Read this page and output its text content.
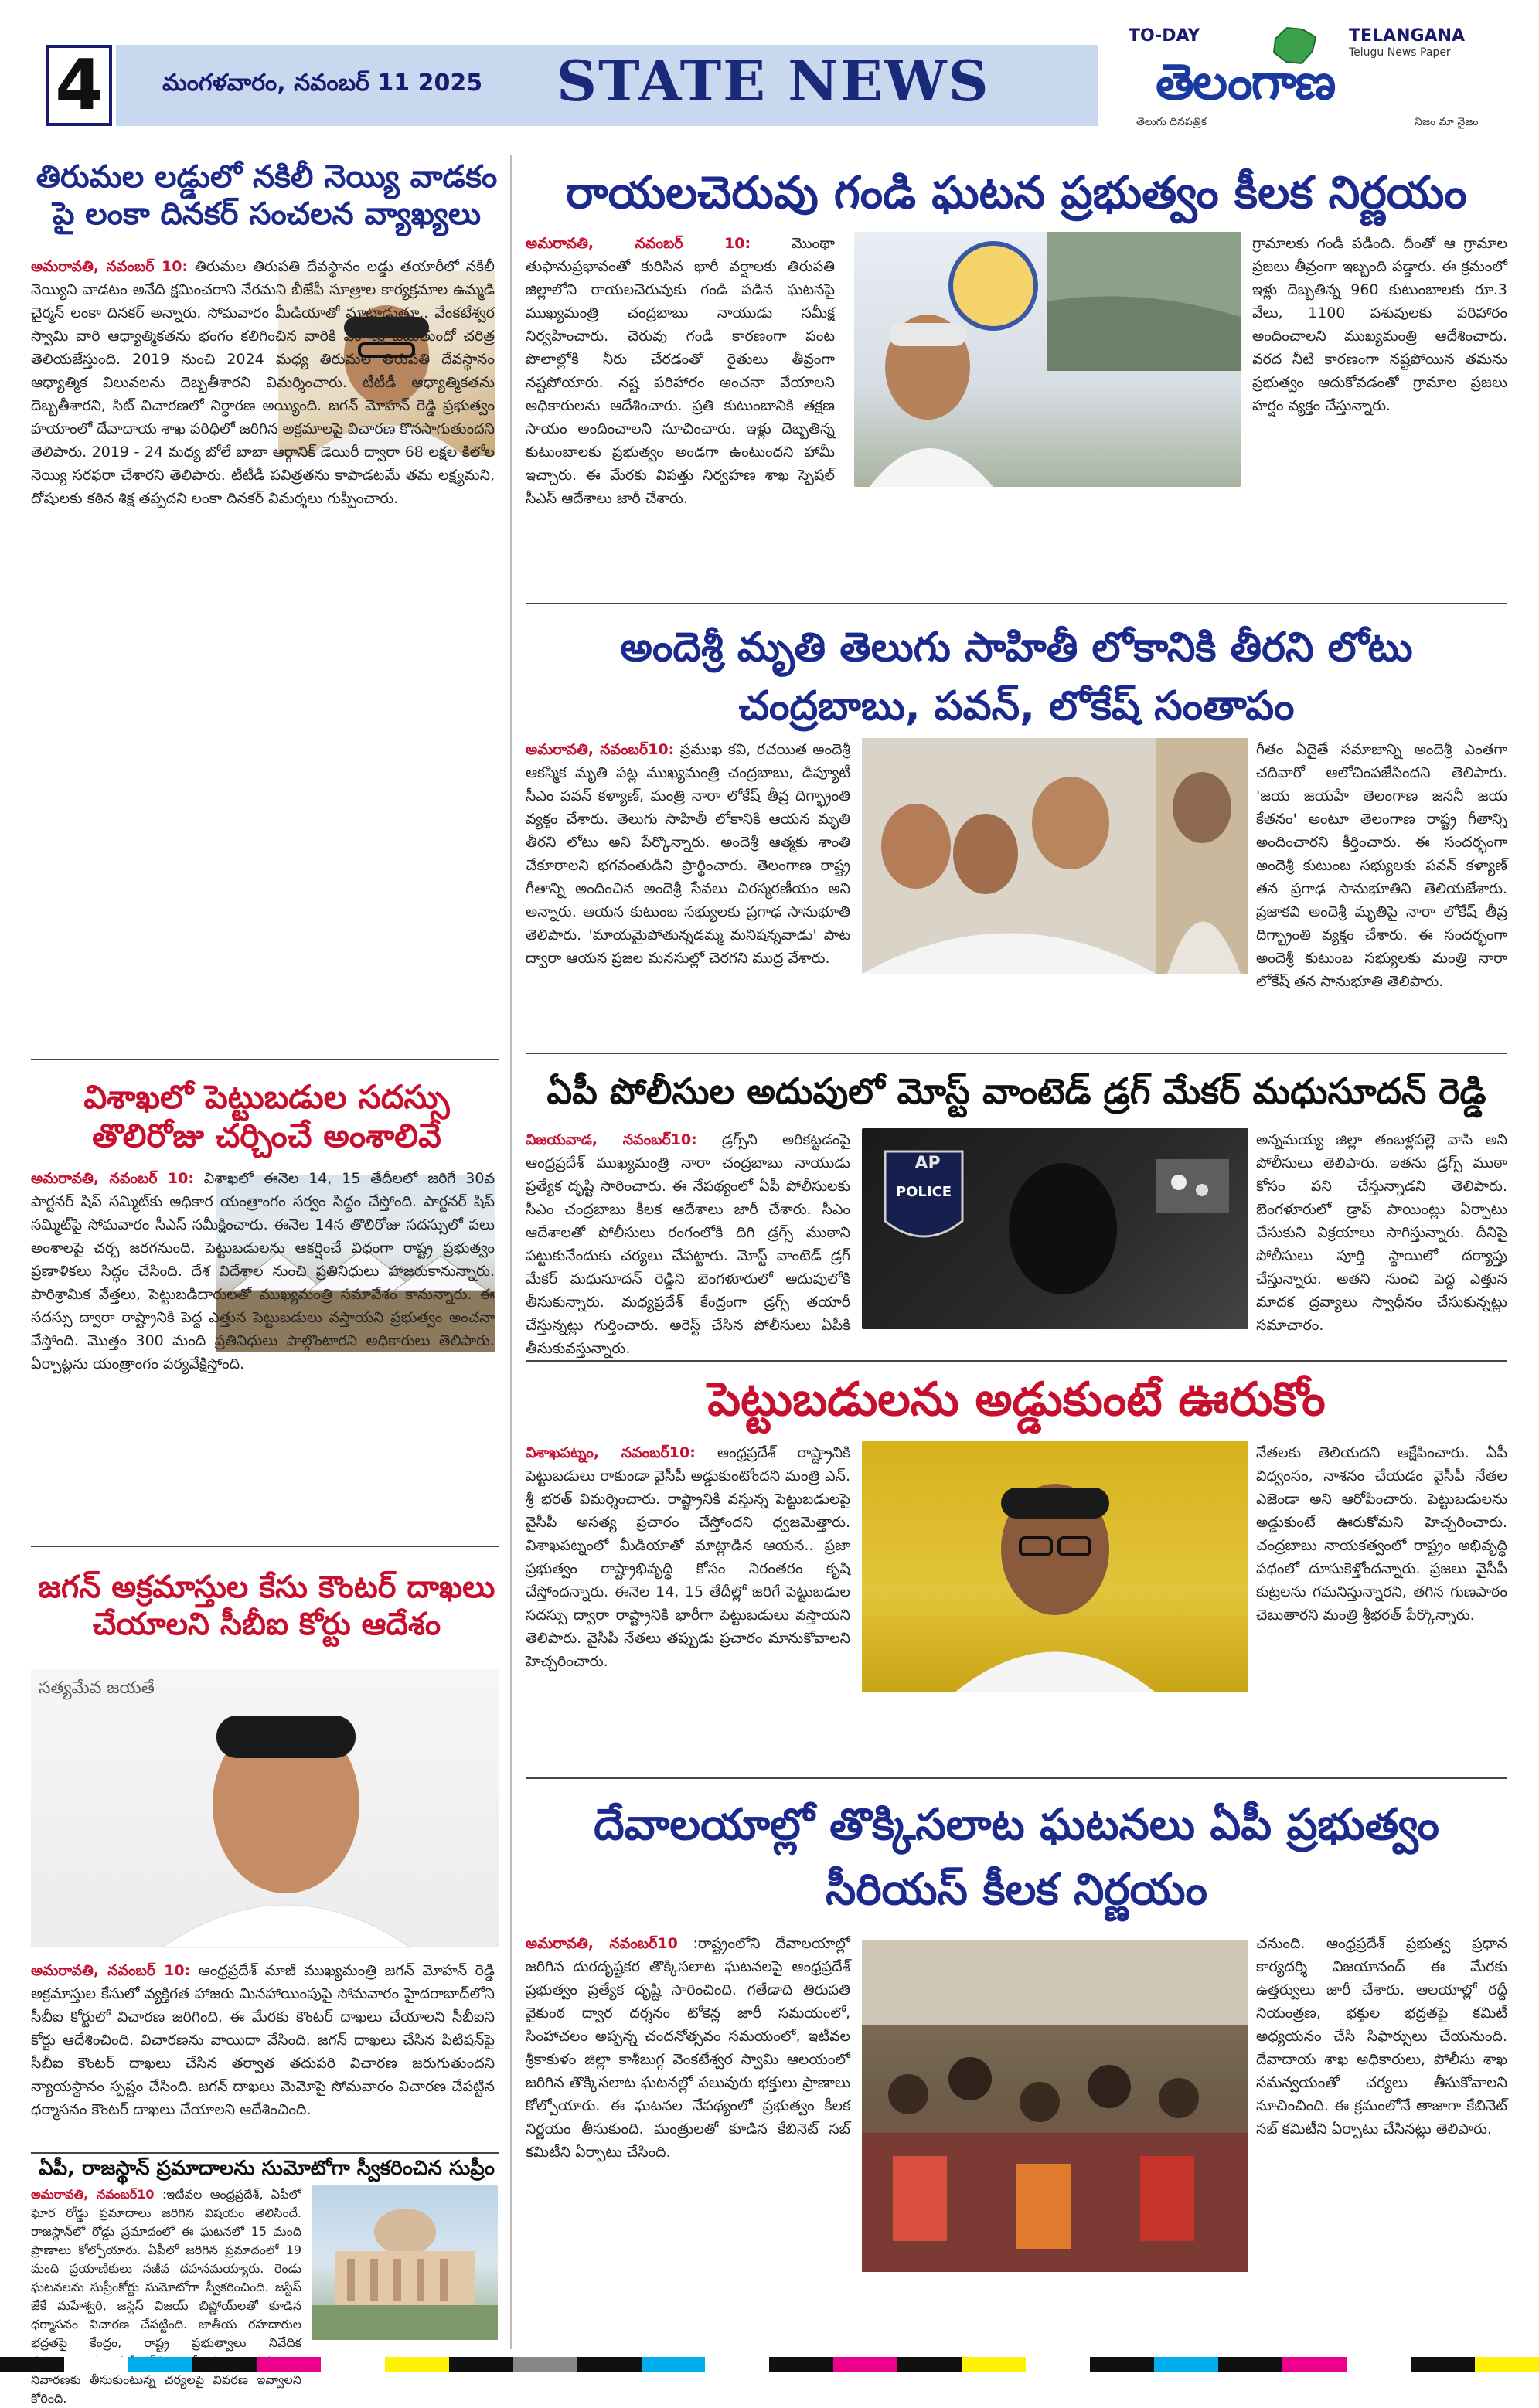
4	మంగళవారం, నవంబర్ 11 2025 STATE NEWS
TO-DAY	TELANGANA
Telugu News Paper
తెలంగాణ
తెలుగు దినపత్రిక	నిజం మా నైజం
తిరుమల లడ్డులో నకిలీ నెయ్యి వాడకం పై లంకా దినకర్ సంచలన వ్యాఖ్యలు
అమరావతి, నవంబర్ 10: తిరుమల తిరుపతి దేవస్థానం లడ్డు తయారీలో నకిలీ నెయ్యిని వాడటం అనేది క్షమించరాని నేరమని బీజేపీ సూత్రాల కార్యక్రమాల ఉమ్మడి చైర్మన్ లంకా దినకర్ అన్నారు. సోమవారం మీడియాతో మాట్లాడుతూ.. వేంకటేశ్వర స్వామి వారి ఆధ్యాత్మికతను భంగం కలిగించిన వారికి ఏం శిక్ష పడుతుందో చరిత్ర తెలియజేస్తుంది. 2019 నుంచి 2024 మధ్య తిరుమల తిరుపతి దేవస్థానం ఆధ్యాత్మిక విలువలను దెబ్బతీశారని విమర్శించారు. టీటీడీ ఆధ్యాత్మికతను దెబ్బతీశారని, సిట్ విచారణలో నిర్ధారణ అయ్యింది. జగన్ మోహన్ రెడ్డి ప్రభుత్వం హయాంలో దేవాదాయ శాఖ పరిధిలో జరిగిన అక్రమాలపై విచారణ కొనసాగుతుందని తెలిపారు. 2019 - 24 మధ్య బోలే బాబా ఆర్గానిక్ డెయిరీ ద్వారా 68 లక్షల కిలోల నెయ్యి సరఫరా చేశారని తెలిపారు. టీటీడీ పవిత్రతను కాపాడటమే తమ లక్ష్యమని, దోషులకు కఠిన శిక్ష తప్పదని లంకా దినకర్ విమర్శలు గుప్పించారు.
రాయలచెరువు గండి ఘటన ప్రభుత్వం కీలక నిర్ణయం
అమరావతి, నవంబర్ 10: మొంథా తుఫానుప్రభావంతో కురిసిన భారీ వర్షాలకు తిరుపతి జిల్లాలోని రాయలచెరువుకు గండి పడిన ఘటనపై ముఖ్యమంత్రి చంద్రబాబు నాయుడు సమీక్ష నిర్వహించారు. చెరువు గండి కారణంగా పంట పొలాల్లోకి నీరు చేరడంతో రైతులు తీవ్రంగా నష్టపోయారు. నష్ట పరిహారం అంచనా వేయాలని అధికారులను ఆదేశించారు. ప్రతి కుటుంబానికి తక్షణ సాయం అందించాలని సూచించారు. ఇళ్లు దెబ్బతిన్న కుటుంబాలకు ప్రభుత్వం అండగా ఉంటుందని హామీ ఇచ్చారు. ఈ మేరకు విపత్తు నిర్వహణ శాఖ స్పెషల్ సీఎస్ ఆదేశాలు జారీ చేశారు.
గ్రామాలకు గండి పడింది. దీంతో ఆ గ్రామాల ప్రజలు తీవ్రంగా ఇబ్బంది పడ్డారు. ఈ క్రమంలో ఇళ్లు దెబ్బతిన్న 960 కుటుంబాలకు రూ.3 వేలు, 1100 పశువులకు పరిహారం అందించాలని ముఖ్యమంత్రి ఆదేశించారు. వరద నీటి కారణంగా నష్టపోయిన తమను ప్రభుత్వం ఆదుకోవడంతో గ్రామాల ప్రజలు హర్షం వ్యక్తం చేస్తున్నారు.
విశాఖలో పెట్టుబడుల సదస్సు తొలిరోజు చర్చించే అంశాలివే
అమరావతి, నవంబర్ 10: విశాఖలో ఈనెల 14, 15 తేదీలలో జరిగే 30వ పార్టనర్ షిప్ సమ్మిట్‌కు అధికార యంత్రాంగం సర్వం సిద్ధం చేస్తోంది. పార్టనర్ షిప్ సమ్మిట్‌పై సోమవారం సీఎస్ సమీక్షించారు. ఈనెల 14న తొలిరోజు సదస్సులో పలు అంశాలపై చర్చ జరగనుంది. పెట్టుబడులను ఆకర్షించే విధంగా రాష్ట్ర ప్రభుత్వం ప్రణాళికలు సిద్ధం చేసింది. దేశ విదేశాల నుంచి ప్రతినిధులు హాజరుకానున్నారు. పారిశ్రామిక వేత్తలు, పెట్టుబడిదారులతో ముఖ్యమంత్రి సమావేశం కానున్నారు. ఈ సదస్సు ద్వారా రాష్ట్రానికి పెద్ద ఎత్తున పెట్టుబడులు వస్తాయని ప్రభుత్వం అంచనా వేస్తోంది. మొత్తం 300 మంది ప్రతినిధులు పాల్గొంటారని అధికారులు తెలిపారు. ఏర్పాట్లను యంత్రాంగం పర్యవేక్షిస్తోంది.
అందెశ్రీ మృతి తెలుగు సాహితీ లోకానికి తీరని లోటు చంద్రబాబు, పవన్, లోకేష్ సంతాపం
అమరావతి, నవంబర్10: ప్రముఖ కవి, రచయిత అందెశ్రీ ఆకస్మిక మృతి పట్ల ముఖ్యమంత్రి చంద్రబాబు, డిప్యూటీ సీఎం పవన్ కళ్యాణ్, మంత్రి నారా లోకేష్ తీవ్ర దిగ్భ్రాంతి వ్యక్తం చేశారు. తెలుగు సాహితీ లోకానికి ఆయన మృతి తీరని లోటు అని పేర్కొన్నారు. అందెశ్రీ ఆత్మకు శాంతి చేకూరాలని భగవంతుడిని ప్రార్థించారు. తెలంగాణ రాష్ట్ర గీతాన్ని అందించిన అందెశ్రీ సేవలు చిరస్మరణీయం అని అన్నారు. ఆయన కుటుంబ సభ్యులకు ప్రగాఢ సానుభూతి తెలిపారు. 'మాయమైపోతున్నడమ్మ మనిషన్నవాడు' పాట ద్వారా ఆయన ప్రజల మనసుల్లో చెరగని ముద్ర వేశారు.
గీతం ఏదైతే సమాజాన్ని అందెశ్రీ ఎంతగా చదివారో ఆలోచింపజేసిందని తెలిపారు. 'జయ జయహే తెలంగాణ జననీ జయ కేతనం' అంటూ తెలంగాణ రాష్ట్ర గీతాన్ని అందించారని కీర్తించారు. ఈ సందర్భంగా అందెశ్రీ కుటుంబ సభ్యులకు పవన్ కళ్యాణ్ తన ప్రగాఢ సానుభూతిని తెలియజేశారు. ప్రజాకవి అందెశ్రీ మృతిపై నారా లోకేష్ తీవ్ర దిగ్భ్రాంతి వ్యక్తం చేశారు. ఈ సందర్భంగా అందెశ్రీ కుటుంబ సభ్యులకు మంత్రి నారా లోకేష్ తన సానుభూతి తెలిపారు.
ఏపీ పోలీసుల అదుపులో మోస్ట్ వాంటెడ్ డ్రగ్ మేకర్ మధుసూదన్ రెడ్డి
విజయవాడ, నవంబర్10: డ్రగ్స్‌ని అరికట్టడంపై ఆంధ్రప్రదేశ్ ముఖ్యమంత్రి నారా చంద్రబాబు నాయుడు ప్రత్యేక దృష్టి సారించారు. ఈ నేపథ్యంలో ఏపీ పోలీసులకు సీఎం చంద్రబాబు కీలక ఆదేశాలు జారీ చేశారు. సీఎం ఆదేశాలతో పోలీసులు రంగంలోకి దిగి డ్రగ్స్ ముఠాని పట్టుకునేందుకు చర్యలు చేపట్టారు. మోస్ట్ వాంటెడ్ డ్రగ్ మేకర్ మధుసూదన్ రెడ్డిని బెంగళూరులో అదుపులోకి తీసుకున్నారు. మధ్యప్రదేశ్ కేంద్రంగా డ్రగ్స్ తయారీ చేస్తున్నట్లు గుర్తించారు. అరెస్ట్ చేసిన పోలీసులు ఏపీకి తీసుకువస్తున్నారు.
AP
POLICE
అన్నమయ్య జిల్లా తంబళ్లపల్లె వాసి అని పోలీసులు తెలిపారు. ఇతను డ్రగ్స్ ముఠా కోసం పని చేస్తున్నాడని తెలిపారు. బెంగళూరులో డ్రాప్ పాయింట్లు ఏర్పాటు చేసుకుని విక్రయాలు సాగిస్తున్నారు. దీనిపై పోలీసులు పూర్తి స్థాయిలో దర్యాప్తు చేస్తున్నారు. అతని నుంచి పెద్ద ఎత్తున మాదక ద్రవ్యాలు స్వాధీనం చేసుకున్నట్లు సమాచారం.
పెట్టుబడులను అడ్డుకుంటే ఊరుకోం
విశాఖపట్నం, నవంబర్10: ఆంధ్రప్రదేశ్ రాష్ట్రానికి పెట్టుబడులు రాకుండా వైసీపీ అడ్డుకుంటోందని మంత్రి ఎన్. శ్రీ భరత్ విమర్శించారు. రాష్ట్రానికి వస్తున్న పెట్టుబడులపై వైసీపీ అసత్య ప్రచారం చేస్తోందని ధ్వజమెత్తారు. విశాఖపట్నంలో మీడియాతో మాట్లాడిన ఆయన.. ప్రజా ప్రభుత్వం రాష్ట్రాభివృద్ధి కోసం నిరంతరం కృషి చేస్తోందన్నారు. ఈనెల 14, 15 తేదీల్లో జరిగే పెట్టుబడుల సదస్సు ద్వారా రాష్ట్రానికి భారీగా పెట్టుబడులు వస్తాయని తెలిపారు. వైసీపీ నేతలు తప్పుడు ప్రచారం మానుకోవాలని హెచ్చరించారు.
నేతలకు తెలియదని ఆక్షేపించారు. ఏపీ విధ్వంసం, నాశనం చేయడం వైసీపీ నేతల ఎజెండా అని ఆరోపించారు. పెట్టుబడులను అడ్డుకుంటే ఊరుకోమని హెచ్చరించారు. చంద్రబాబు నాయకత్వంలో రాష్ట్రం అభివృద్ధి పథంలో దూసుకెళ్తోందన్నారు. ప్రజలు వైసీపీ కుట్రలను గమనిస్తున్నారని, తగిన గుణపాఠం చెబుతారని మంత్రి శ్రీభరత్ పేర్కొన్నారు.
జగన్ అక్రమాస్తుల కేసు కౌంటర్ దాఖలు చేయాలని సీబీఐ కోర్టు ఆదేశం
సత్యమేవ జయతే
అమరావతి, నవంబర్ 10: ఆంధ్రప్రదేశ్ మాజీ ముఖ్యమంత్రి జగన్ మోహన్ రెడ్డి అక్రమాస్తుల కేసులో వ్యక్తిగత హాజరు మినహాయింపుపై సోమవారం హైదరాబాద్‌లోని సీబీఐ కోర్టులో విచారణ జరిగింది. ఈ మేరకు కౌంటర్ దాఖలు చేయాలని సీబీఐని కోర్టు ఆదేశించింది. విచారణను వాయిదా వేసింది. జగన్ దాఖలు చేసిన పిటిషన్‌పై సీబీఐ కౌంటర్ దాఖలు చేసిన తర్వాత తదుపరి విచారణ జరుగుతుందని న్యాయస్థానం స్పష్టం చేసింది. జగన్ దాఖలు మెమోపై సోమవారం విచారణ చేపట్టిన ధర్మాసనం కౌంటర్ దాఖలు చేయాలని ఆదేశించింది.
దేవాలయాల్లో తొక్కిసలాట ఘటనలు ఏపీ ప్రభుత్వం సీరియస్ కీలక నిర్ణయం
అమరావతి, నవంబర్10 :రాష్ట్రంలోని దేవాలయాల్లో జరిగిన దురదృష్టకర తొక్కిసలాట ఘటనలపై ఆంధ్రప్రదేశ్ ప్రభుత్వం ప్రత్యేక దృష్టి సారించింది. గతేడాది తిరుపతి వైకుంఠ ద్వార దర్శనం టోకెన్ల జారీ సమయంలో, సింహాచలం అప్పన్న చందనోత్సవం సమయంలో, ఇటీవల శ్రీకాకుళం జిల్లా కాశీబుగ్గ వెంకటేశ్వర స్వామి ఆలయంలో జరిగిన తొక్కిసలాట ఘటనల్లో పలువురు భక్తులు ప్రాణాలు కోల్పోయారు. ఈ ఘటనల నేపథ్యంలో ప్రభుత్వం కీలక నిర్ణయం తీసుకుంది. మంత్రులతో కూడిన కేబినెట్ సబ్ కమిటీని ఏర్పాటు చేసింది.
చనుంది. ఆంధ్రప్రదేశ్ ప్రభుత్వ ప్రధాన కార్యదర్శి విజయానంద్ ఈ మేరకు ఉత్తర్వులు జారీ చేశారు. ఆలయాల్లో రద్దీ నియంత్రణ, భక్తుల భద్రతపై కమిటీ అధ్యయనం చేసి సిఫార్సులు చేయనుంది. దేవాదాయ శాఖ అధికారులు, పోలీసు శాఖ సమన్వయంతో చర్యలు తీసుకోవాలని సూచించింది. ఈ క్రమంలోనే తాజాగా కేబినెట్ సబ్ కమిటీని ఏర్పాటు చేసినట్లు తెలిపారు.
ఏపీ, రాజస్థాన్ ప్రమాదాలను సుమోటోగా స్వీకరించిన సుప్రీం
అమరావతి, నవంబర్10 :ఇటీవల ఆంధ్రప్రదేశ్, ఏపీలో ఘోర రోడ్డు ప్రమాదాలు జరిగిన విషయం తెలిసిందే. రాజస్థాన్‌లో రోడ్డు ప్రమాదంలో ఈ ఘటనలో 15 మంది ప్రాణాలు కోల్పోయారు. ఏపీలో జరిగిన ప్రమాదంలో 19 మంది ప్రయాణికులు సజీవ దహనమయ్యారు. రెండు ఘటనలను సుప్రీంకోర్టు సుమోటోగా స్వీకరించింది. జస్టిస్ జేకే మహేశ్వరి, జస్టిస్ విజయ్ బిష్ణోయ్‌లతో కూడిన ధర్మాసనం విచారణ చేపట్టింది. జాతీయ రహదారుల భద్రతపై కేంద్రం, రాష్ట్ర ప్రభుత్వాలు నివేదిక నివారణకు తీసుకుంటున్న చర్యలపై వివరణ ఇవ్వాలని కోరింది.
